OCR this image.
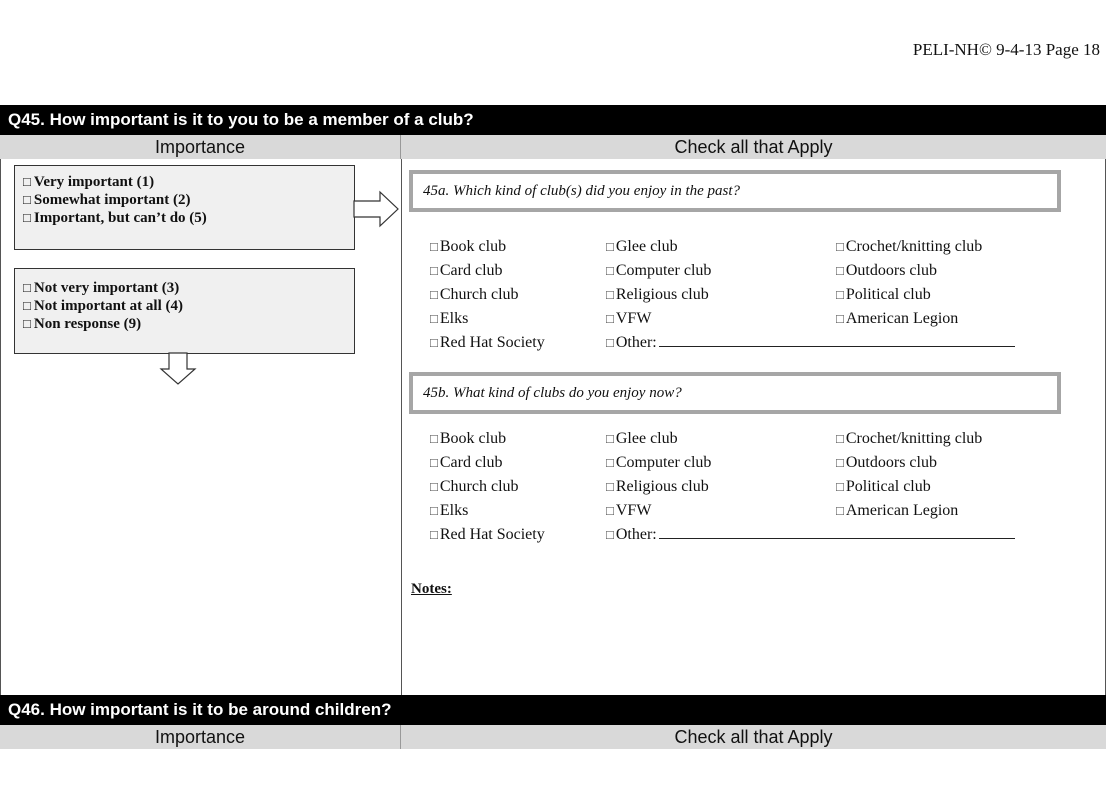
PELI-NH© 9-4-13 Page 18
Q45. How important is it to you to be a member of a club?
Importance	Check all that Apply
□ Very important (1)
□ Somewhat important (2)
□ Important, but can’t do (5)
□ Not very important (3)
□ Not important at all (4)
□ Non response (9)
45a. Which kind of club(s) did you enjoy in the past?
□ Book club	□ Glee club	□ Crochet/knitting club
□ Card club	□ Computer club	□ Outdoors club
□ Church club	□ Religious club	□ Political club
□ Elks	□ VFW	□ American Legion
□ Red Hat Society	□ Other:
45b. What kind of clubs do you enjoy now?
□ Book club	□ Glee club	□ Crochet/knitting club
□ Card club	□ Computer club	□ Outdoors club
□ Church club	□ Religious club	□ Political club
□ Elks	□ VFW	□ American Legion
□ Red Hat Society	□ Other:
Notes:
Q46. How important is it to be around children?
Importance	Check all that Apply
